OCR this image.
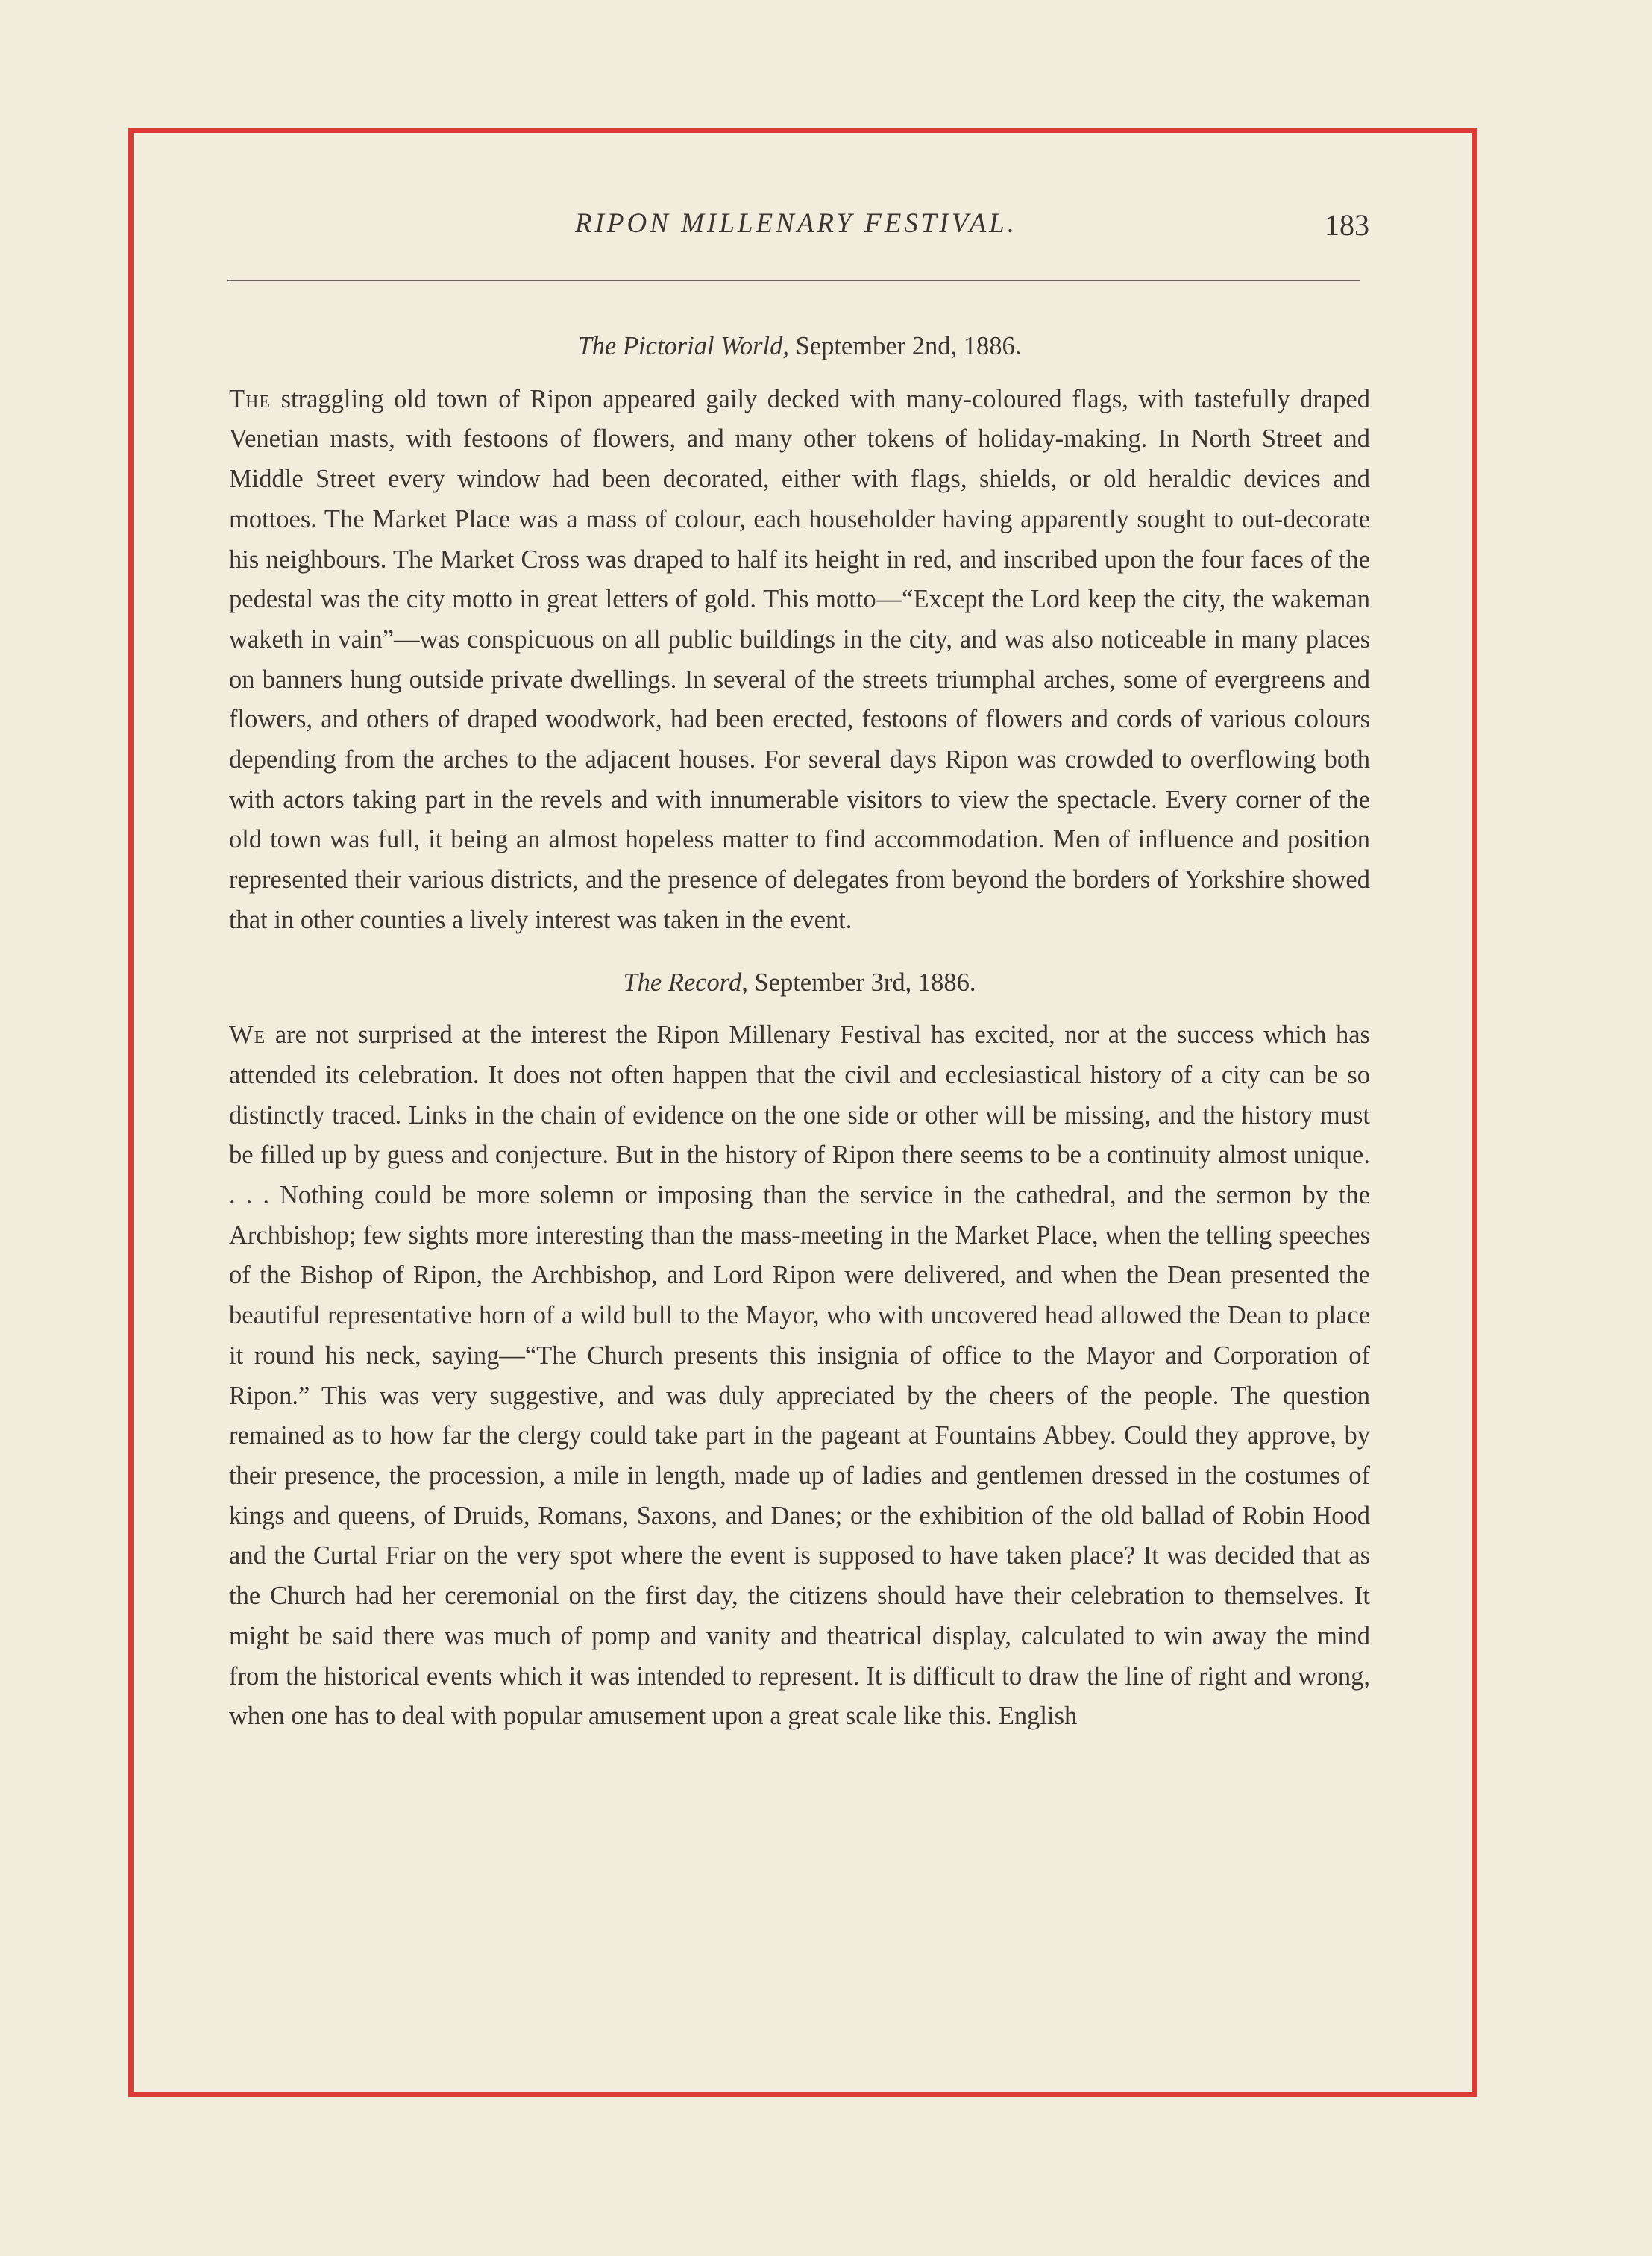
RIPON MILLENARY FESTIVAL.	183
The Pictorial World, September 2nd, 1886.

The straggling old town of Ripon appeared gaily decked with many-coloured flags, with tastefully draped Venetian masts, with festoons of flowers, and many other tokens of holiday-making. In North Street and Middle Street every window had been decorated, either with flags, shields, or old heraldic devices and mottoes. The Market Place was a mass of colour, each householder having apparently sought to out-decorate his neighbours. The Market Cross was draped to half its height in red, and inscribed upon the four faces of the pedestal was the city motto in great letters of gold. This motto—“Except the Lord keep the city, the wakeman waketh in vain”—was conspicuous on all public buildings in the city, and was also noticeable in many places on banners hung outside private dwellings. In several of the streets triumphal arches, some of evergreens and flowers, and others of draped woodwork, had been erected, festoons of flowers and cords of various colours depending from the arches to the adjacent houses. For several days Ripon was crowded to overflowing both with actors taking part in the revels and with innumerable visitors to view the spectacle. Every corner of the old town was full, it being an almost hopeless matter to find accommodation. Men of influence and position represented their various districts, and the presence of delegates from beyond the borders of Yorkshire showed that in other counties a lively interest was taken in the event.

The Record, September 3rd, 1886.

We are not surprised at the interest the Ripon Millenary Festival has excited, nor at the success which has attended its celebration. It does not often happen that the civil and ecclesiastical history of a city can be so distinctly traced. Links in the chain of evidence on the one side or other will be missing, and the history must be filled up by guess and conjecture. But in the history of Ripon there seems to be a continuity almost unique. . . . Nothing could be more solemn or imposing than the service in the cathedral, and the sermon by the Archbishop; few sights more interesting than the mass-meeting in the Market Place, when the telling speeches of the Bishop of Ripon, the Archbishop, and Lord Ripon were delivered, and when the Dean presented the beautiful representative horn of a wild bull to the Mayor, who with uncovered head allowed the Dean to place it round his neck, saying—“The Church presents this insignia of office to the Mayor and Corporation of Ripon.” This was very suggestive, and was duly appreciated by the cheers of the people. The question remained as to how far the clergy could take part in the pageant at Fountains Abbey. Could they approve, by their presence, the procession, a mile in length, made up of ladies and gentlemen dressed in the costumes of kings and queens, of Druids, Romans, Saxons, and Danes; or the exhibition of the old ballad of Robin Hood and the Curtal Friar on the very spot where the event is supposed to have taken place? It was decided that as the Church had her ceremonial on the first day, the citizens should have their celebration to themselves. It might be said there was much of pomp and vanity and theatrical display, calculated to win away the mind from the historical events which it was intended to represent. It is difficult to draw the line of right and wrong, when one has to deal with popular amusement upon a great scale like this. English
